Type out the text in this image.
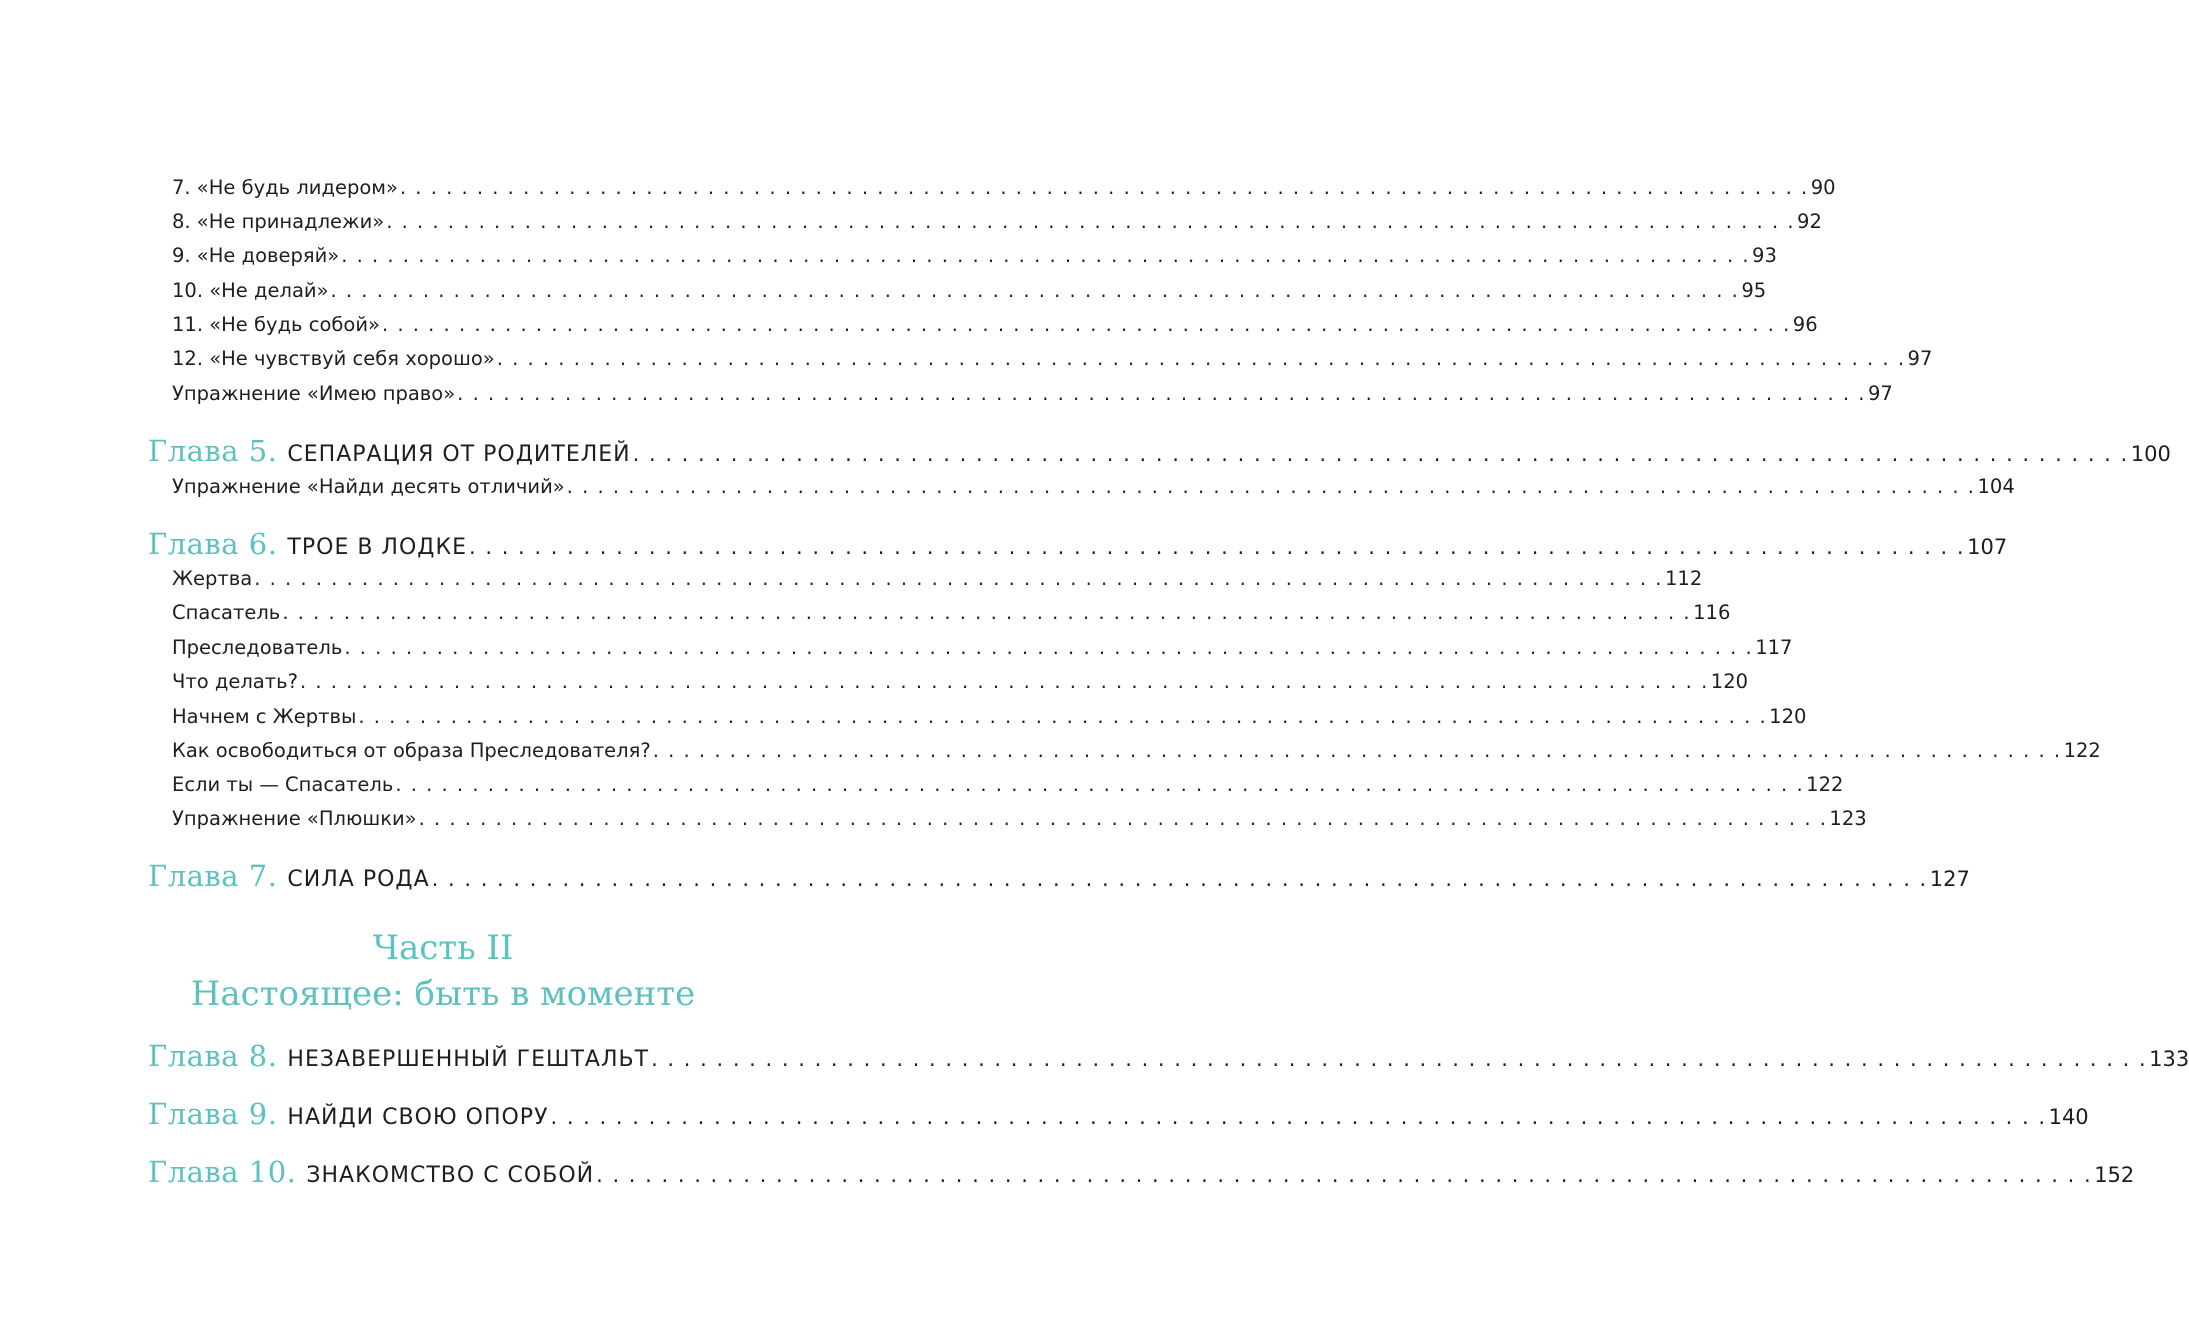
7. «Не будь лидером» . . . . . . . . . . . . . . . . . . . . . . . . . . . . . . . . . . . . . . . . . . . . . . . . . . . . . . . . . . . . . . . . . . . . . . . . . . . . . . . . . . . . . . . . . . . . 90
8. «Не принадлежи» . . . . . . . . . . . . . . . . . . . . . . . . . . . . . . . . . . . . . . . . . . . . . . . . . . . . . . . . . . . . . . . . . . . . . . . . . . . . . . . . . . . . . . . . . . . . 92
9. «Не доверяй» . . . . . . . . . . . . . . . . . . . . . . . . . . . . . . . . . . . . . . . . . . . . . . . . . . . . . . . . . . . . . . . . . . . . . . . . . . . . . . . . . . . . . . . . . . . . 93
10. «Не делай» . . . . . . . . . . . . . . . . . . . . . . . . . . . . . . . . . . . . . . . . . . . . . . . . . . . . . . . . . . . . . . . . . . . . . . . . . . . . . . . . . . . . . . . . . . . . 95
11. «Не будь собой» . . . . . . . . . . . . . . . . . . . . . . . . . . . . . . . . . . . . . . . . . . . . . . . . . . . . . . . . . . . . . . . . . . . . . . . . . . . . . . . . . . . . . . . . . . . . 96
12. «Не чувствуй себя хорошо» . . . . . . . . . . . . . . . . . . . . . . . . . . . . . . . . . . . . . . . . . . . . . . . . . . . . . . . . . . . . . . . . . . . . . . . . . . . . . . . . . . . . . . . . . . . . 97
Упражнение «Имею право» . . . . . . . . . . . . . . . . . . . . . . . . . . . . . . . . . . . . . . . . . . . . . . . . . . . . . . . . . . . . . . . . . . . . . . . . . . . . . . . . . . . . . . . . . . . . 97
Глава 5. СЕПАРАЦИЯ ОТ РОДИТЕЛЕЙ . . . . . . . . . . . . . . . . . . . . . . . . . . . . . . . . . . . . . . . . . . . . . . . . . . . . . . . . . . . . . . . . . . . . . . . . . . . . . . . . . . . . . . . . . . . . 100
Упражнение «Найди десять отличий» . . . . . . . . . . . . . . . . . . . . . . . . . . . . . . . . . . . . . . . . . . . . . . . . . . . . . . . . . . . . . . . . . . . . . . . . . . . . . . . . . . . . . . . . . . . . 104
Глава 6. ТРОЕ В ЛОДКЕ . . . . . . . . . . . . . . . . . . . . . . . . . . . . . . . . . . . . . . . . . . . . . . . . . . . . . . . . . . . . . . . . . . . . . . . . . . . . . . . . . . . . . . . . . . . . 107
Жертва . . . . . . . . . . . . . . . . . . . . . . . . . . . . . . . . . . . . . . . . . . . . . . . . . . . . . . . . . . . . . . . . . . . . . . . . . . . . . . . . . . . . . . . . . . . . 112
Спасатель . . . . . . . . . . . . . . . . . . . . . . . . . . . . . . . . . . . . . . . . . . . . . . . . . . . . . . . . . . . . . . . . . . . . . . . . . . . . . . . . . . . . . . . . . . . . 116
Преследователь . . . . . . . . . . . . . . . . . . . . . . . . . . . . . . . . . . . . . . . . . . . . . . . . . . . . . . . . . . . . . . . . . . . . . . . . . . . . . . . . . . . . . . . . . . . . 117
Что делать? . . . . . . . . . . . . . . . . . . . . . . . . . . . . . . . . . . . . . . . . . . . . . . . . . . . . . . . . . . . . . . . . . . . . . . . . . . . . . . . . . . . . . . . . . . . . 120
Начнем с Жертвы . . . . . . . . . . . . . . . . . . . . . . . . . . . . . . . . . . . . . . . . . . . . . . . . . . . . . . . . . . . . . . . . . . . . . . . . . . . . . . . . . . . . . . . . . . . . 120
Как освободиться от образа Преследователя? . . . . . . . . . . . . . . . . . . . . . . . . . . . . . . . . . . . . . . . . . . . . . . . . . . . . . . . . . . . . . . . . . . . . . . . . . . . . . . . . . . . . . . . . . . . . 122
Если ты — Спасатель . . . . . . . . . . . . . . . . . . . . . . . . . . . . . . . . . . . . . . . . . . . . . . . . . . . . . . . . . . . . . . . . . . . . . . . . . . . . . . . . . . . . . . . . . . . . 122
Упражнение «Плюшки» . . . . . . . . . . . . . . . . . . . . . . . . . . . . . . . . . . . . . . . . . . . . . . . . . . . . . . . . . . . . . . . . . . . . . . . . . . . . . . . . . . . . . . . . . . . . 123
Глава 7. СИЛА РОДА . . . . . . . . . . . . . . . . . . . . . . . . . . . . . . . . . . . . . . . . . . . . . . . . . . . . . . . . . . . . . . . . . . . . . . . . . . . . . . . . . . . . . . . . . . . . 127
Часть II
Настоящее: быть в моменте
Глава 8. НЕЗАВЕРШЕННЫЙ ГЕШТАЛЬТ . . . . . . . . . . . . . . . . . . . . . . . . . . . . . . . . . . . . . . . . . . . . . . . . . . . . . . . . . . . . . . . . . . . . . . . . . . . . . . . . . . . . . . . . . . . . 133
Глава 9. НАЙДИ СВОЮ ОПОРУ . . . . . . . . . . . . . . . . . . . . . . . . . . . . . . . . . . . . . . . . . . . . . . . . . . . . . . . . . . . . . . . . . . . . . . . . . . . . . . . . . . . . . . . . . . . . 140
Глава 10. ЗНАКОМСТВО С СОБОЙ . . . . . . . . . . . . . . . . . . . . . . . . . . . . . . . . . . . . . . . . . . . . . . . . . . . . . . . . . . . . . . . . . . . . . . . . . . . . . . . . . . . . . . . . . . . . 152
